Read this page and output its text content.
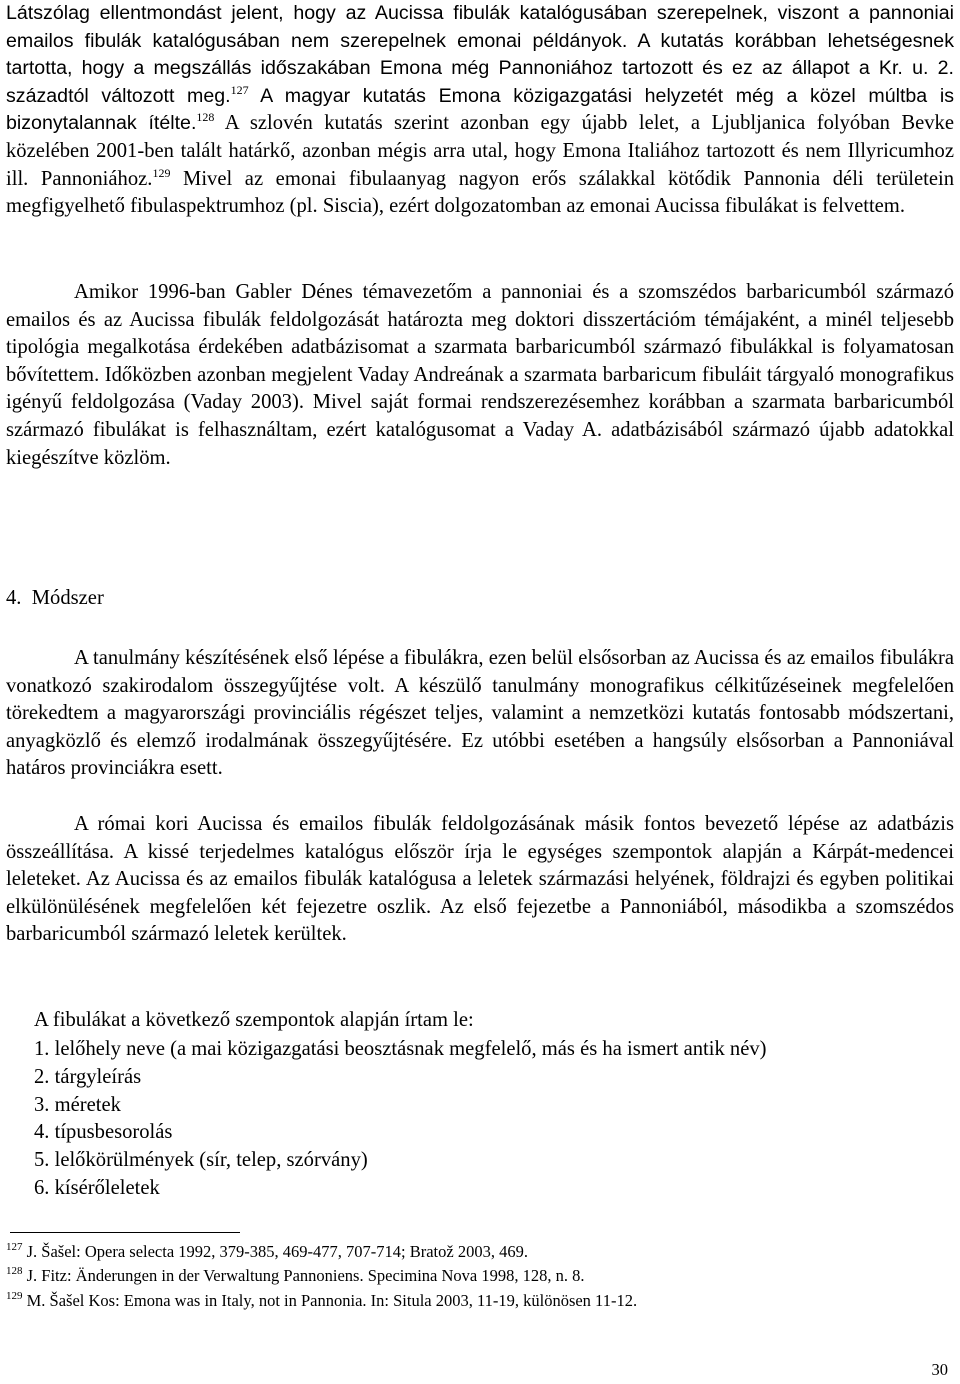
Látszólag ellentmondást jelent, hogy az Aucissa fibulák katalógusában szerepelnek, viszont a pannoniai emailos fibulák katalógusában nem szerepelnek emonai példányok. A kutatás korábban lehetségesnek tartotta, hogy a megszállás időszakában Emona még Pannoniához tartozott és ez az állapot a Kr. u. 2. századtól változott meg.$^{127}$ A magyar kutatás Emona közigazgatási helyzetét még a közel múltba is bizonytalannak ítélte.$^{128}$ A szlovén kutatás szerint azonban egy újabb lelet, a Ljubljanica folyóban Bevke közelében 2001-ben talált határkő, azonban mégis arra utal, hogy Emona Italiához tartozott és nem Illyricumhoz ill. Pannoniához.$^{129}$ Mivel az emonai fibulaanyag nagyon erős szálakkal kötődik Pannonia déli területein megfigyelhető fibulaspektrumhoz (pl. Siscia), ezért dolgozatomban az emonai Aucissa fibulákat is felvettem.

Amikor 1996-ban Gabler Dénes témavezetőm a pannoniai és a szomszédos barbaricumból származó emailos és az Aucissa fibulák feldolgozását határozta meg doktori disszertációm témájaként, a minél teljesebb tipológia megalkotása érdekében adatbázisomat a szarmata barbaricumból származó fibulákkal is folyamatosan bővítettem. Időközben azonban megjelent Vaday Andreának a szarmata barbaricum fibuláit tárgyaló monografikus igényű feldolgozása (Vaday 2003). Mivel saját formai rendszerezésemhez korábban a szarmata barbaricumból származó fibulákat is felhasználtam, ezért katalógusomat a Vaday A. adatbázisából származó újabb adatokkal kiegészítve közlöm.

4.  Módszer

A tanulmány készítésének első lépése a fibulákra, ezen belül elsősorban az Aucissa és az emailos fibulákra vonatkozó szakirodalom összegyűjtése volt. A készülő tanulmány monografikus célkitűzéseinek megfelelően törekedtem a magyarországi provinciális régészet teljes, valamint a nemzetközi kutatás fontosabb módszertani, anyagközlő és elemző irodalmának összegyűjtésére. Ez utóbbi esetében a hangsúly elsősorban a Pannoniával határos provinciákra esett.

A római kori Aucissa és emailos fibulák feldolgozásának másik fontos bevezető lépése az adatbázis összeállítása. A kissé terjedelmes katalógus először írja le egységes szempontok alapján a Kárpát-medencei leleteket. Az Aucissa és az emailos fibulák katalógusa a leletek származási helyének, földrajzi és egyben politikai elkülönülésének megfelelően két fejezetre oszlik. Az első fejezetbe a Pannoniából, másodikba a szomszédos barbaricumból származó leletek kerültek.

A fibulákat a következő szempontok alapján írtam le:
1. lelőhely neve (a mai közigazgatási beosztásnak megfelelő, más és ha ismert antik név)
2. tárgyleírás
3. méretek
4. típusbesorolás
5. lelőkörülmények (sír, telep, szórvány)
6. kísérőleletek
$^{127}$ J. Šašel: Opera selecta 1992, 379-385, 469-477, 707-714; Bratož 2003, 469.
$^{128}$ J. Fitz: Änderungen in der Verwaltung Pannoniens. Specimina Nova 1998, 128, n. 8.
$^{129}$ M. Šašel Kos: Emona was in Italy, not in Pannonia. In: Situla 2003, 11-19, különösen 11-12.
30
